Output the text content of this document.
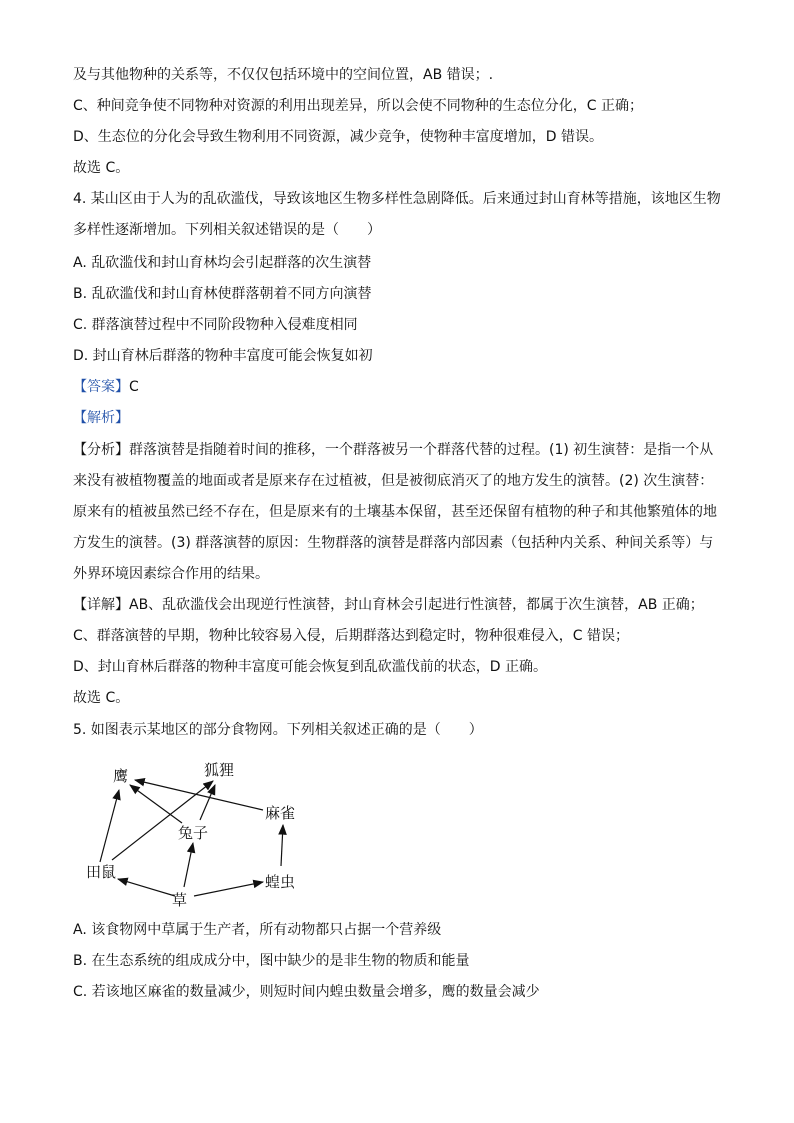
及与其他物种的关系等，不仅仅包括环境中的空间位置，AB 错误；.
C、种间竞争使不同物种对资源的利用出现差异，所以会使不同物种的生态位分化，C 正确；
D、生态位的分化会导致生物利用不同资源，减少竞争，使物种丰富度增加，D 错误。
故选 C。
4. 某山区由于人为的乱砍滥伐，导致该地区生物多样性急剧降低。后来通过封山育林等措施，该地区生物
多样性逐渐增加。下列相关叙述错误的是（　　）
A. 乱砍滥伐和封山育林均会引起群落的次生演替
B. 乱砍滥伐和封山育林使群落朝着不同方向演替
C. 群落演替过程中不同阶段物种入侵难度相同
D. 封山育林后群落的物种丰富度可能会恢复如初
【答案】C
【解析】
【分析】群落演替是指随着时间的推移，一个群落被另一个群落代替的过程。(1) 初生演替：是指一个从
来没有被植物覆盖的地面或者是原来存在过植被，但是被彻底消灭了的地方发生的演替。(2) 次生演替：
原来有的植被虽然已经不存在，但是原来有的土壤基本保留，甚至还保留有植物的种子和其他繁殖体的地
方发生的演替。(3) 群落演替的原因：生物群落的演替是群落内部因素（包括种内关系、种间关系等）与
外界环境因素综合作用的结果。
【详解】AB、乱砍滥伐会出现逆行性演替，封山育林会引起进行性演替，都属于次生演替，AB 正确；
C、群落演替的早期，物种比较容易入侵，后期群落达到稳定时，物种很难侵入，C 错误；
D、封山育林后群落的物种丰富度可能会恢复到乱砍滥伐前的状态，D 正确。
故选 C。
5. 如图表示某地区的部分食物网。下列相关叙述正确的是（　　）
鹰	狐狸
麻雀
兔子
田鼠
草
蝗虫
A. 该食物网中草属于生产者，所有动物都只占据一个营养级
B. 在生态系统的组成成分中，图中缺少的是非生物的物质和能量
C. 若该地区麻雀的数量减少，则短时间内蝗虫数量会增多，鹰的数量会减少
